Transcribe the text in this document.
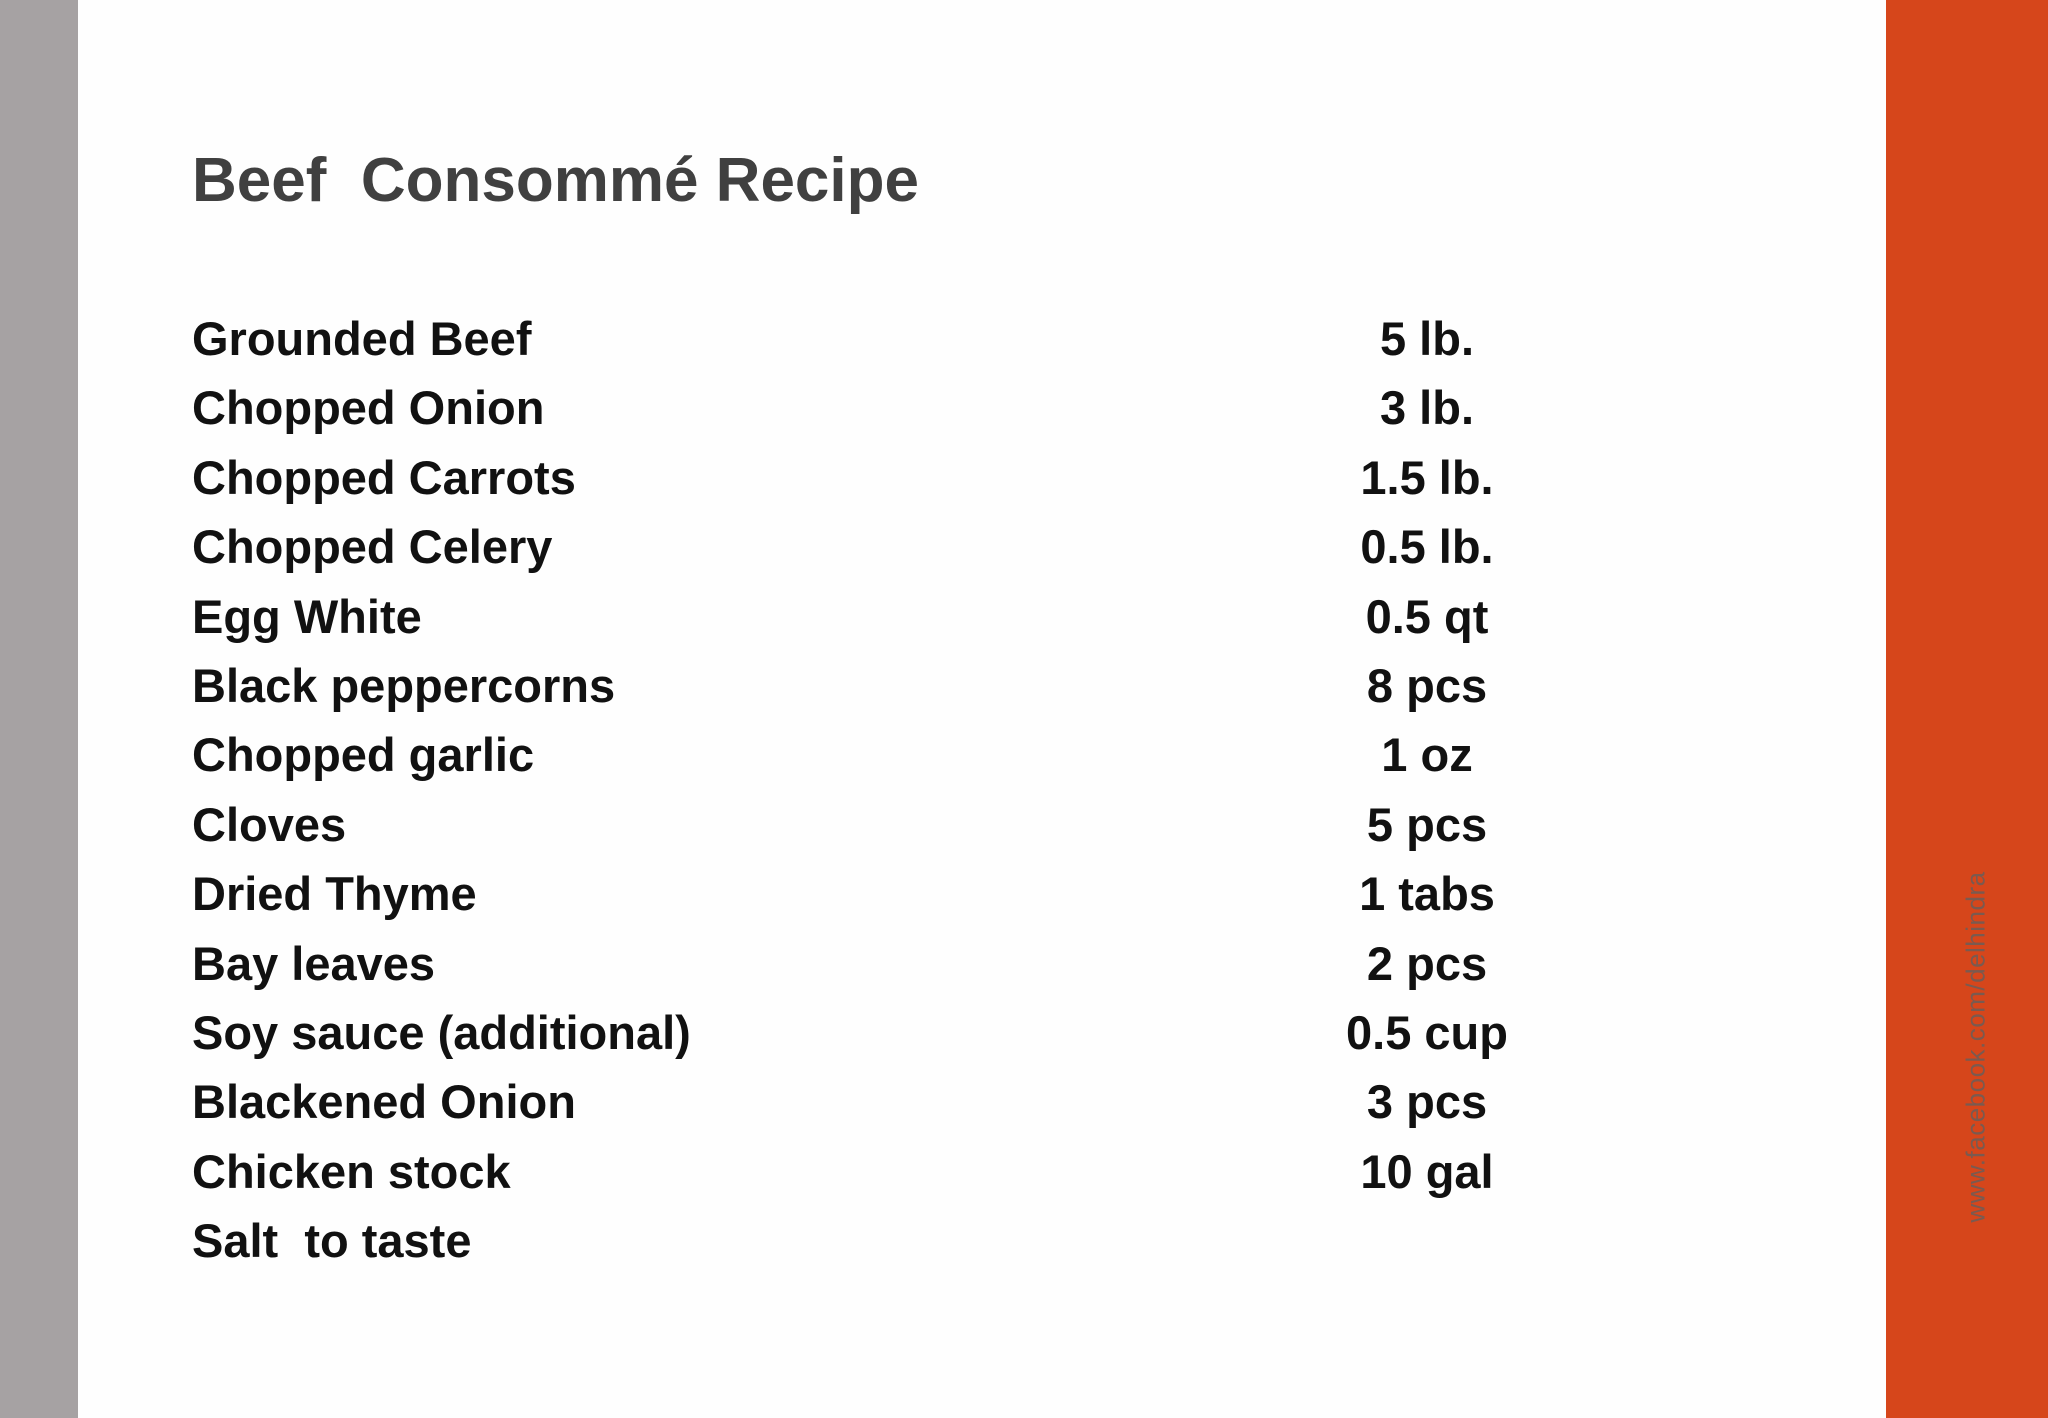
www.facebook.com/delhindra
Beef  Consommé Recipe
Grounded Beef	5 lb.
Chopped Onion	3 lb.
Chopped Carrots	1.5 lb.
Chopped Celery	0.5 lb.
Egg White	0.5 qt
Black peppercorns	8 pcs
Chopped garlic	1 oz
Cloves	5 pcs
Dried Thyme	1 tabs
Bay leaves	2 pcs
Soy sauce (additional)	0.5 cup
Blackened Onion	3 pcs
Chicken stock	10 gal
Salt  to taste
